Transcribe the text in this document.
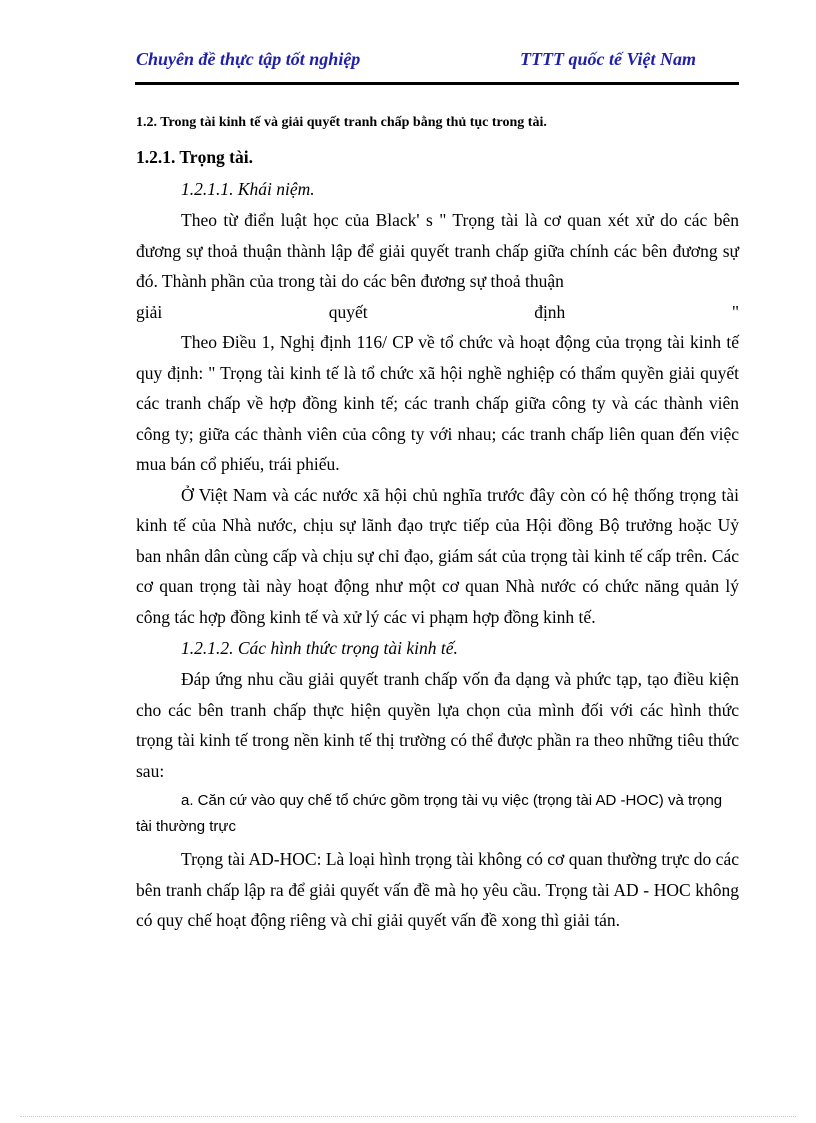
Chuyên đề thực tập tốt nghiệp	TTTT quốc tế Việt Nam

1.2. Trong tài kinh tế và giải quyết tranh chấp bằng thủ tục trong tài.

1.2.1. Trọng tài.

1.2.1.1. Khái niệm.

Theo từ điển luật học của Black' s " Trọng tài là cơ quan xét xử do các bên đương sự thoả thuận thành lập để giải quyết tranh chấp giữa chính các bên đương sự đó. Thành phần của trong tài do các bên đương sự thoả thuận

giải quyết định "

Theo Điều 1, Nghị định 116/ CP về tổ chức và hoạt động của trọng tài kinh tế quy định: " Trọng tài kinh tế là tổ chức xã hội nghề nghiệp có thẩm quyền giải quyết các tranh chấp về hợp đồng kinh tế; các tranh chấp giữa công ty và các thành viên công ty; giữa các thành viên của công ty với nhau; các tranh chấp liên quan đến việc mua bán cổ phiếu, trái phiếu.

Ở Việt Nam và các nước xã hội chủ nghĩa trước đây còn có hệ thống trọng tài kinh tế của Nhà nước, chịu sự lãnh đạo trực tiếp của Hội đồng Bộ trưởng hoặc Uỷ ban nhân dân cùng cấp và chịu sự chỉ đạo, giám sát của trọng tài kinh tế cấp trên. Các cơ quan trọng tài này hoạt động như một cơ quan Nhà nước có chức năng quản lý công tác hợp đồng kinh tế và xử lý các vi phạm hợp đồng kinh tế.

1.2.1.2. Các hình thức trọng tài kinh tế.

Đáp ứng nhu cầu giải quyết tranh chấp vốn đa dạng và phức tạp, tạo điều kiện cho các bên tranh chấp thực hiện quyền lựa chọn của mình đối với các hình thức trọng tài kinh tế trong nền kinh tế thị trường có thể được phần ra theo những tiêu thức sau:

a. Căn cứ vào quy chế tổ chức gồm trọng tài vụ việc (trọng tài AD -HOC) và trọng tài thường trực

Trọng tài AD-HOC: Là loại hình trọng tài không có cơ quan thường trực do các bên tranh chấp lập ra để giải quyết vấn đề mà họ yêu cầu. Trọng tài AD - HOC không có quy chế hoạt động riêng và chỉ giải quyết vấn đề xong thì giải tán.
